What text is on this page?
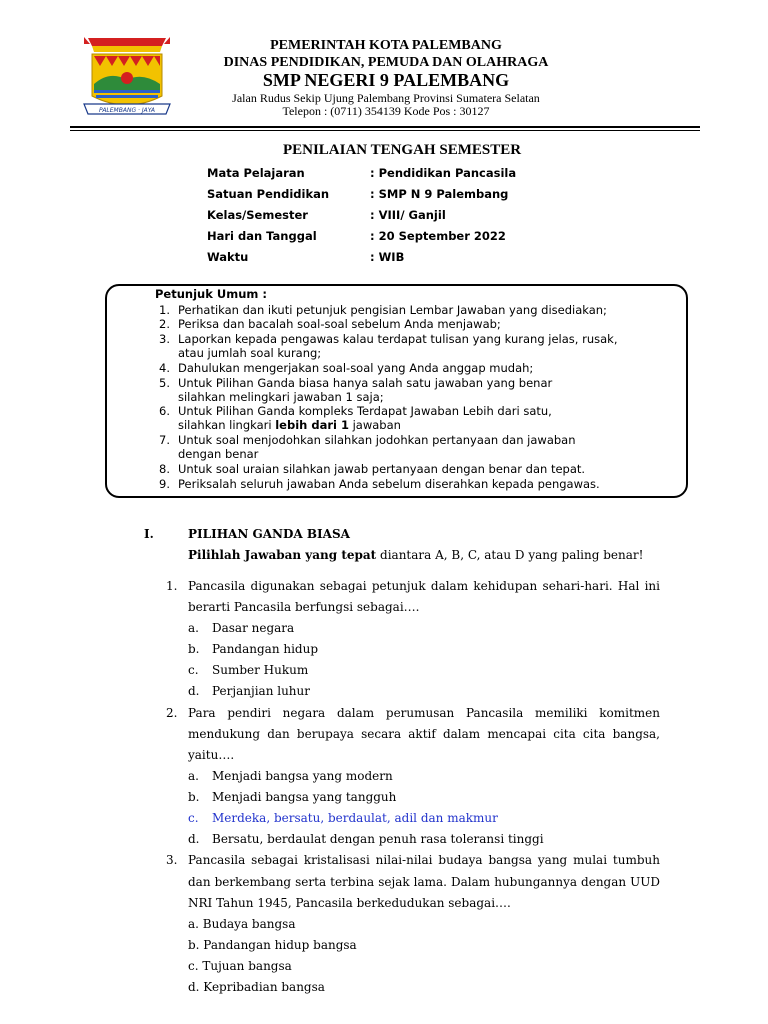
PALEMBANG · JAYA
PEMERINTAH KOTA PALEMBANG
DINAS PENDIDIKAN, PEMUDA DAN OLAHRAGA
SMP NEGERI 9 PALEMBANG
Jalan Rudus Sekip Ujung Palembang Provinsi Sumatera Selatan
Telepon : (0711) 354139 Kode Pos : 30127
PENILAIAN TENGAH SEMESTER
Mata Pelajaran	: Pendidikan Pancasila
Satuan Pendidikan	: SMP N 9 Palembang
Kelas/Semester	: VIII/ Ganjil
Hari dan Tanggal	: 20 September 2022
Waktu	: WIB
Petunjuk Umum :
1. Perhatikan dan ikuti petunjuk pengisian Lembar Jawaban yang disediakan;
2. Periksa dan bacalah soal-soal sebelum Anda menjawab;
3. Laporkan kepada pengawas kalau terdapat tulisan yang kurang jelas, rusak,
atau jumlah soal kurang;
4. Dahulukan mengerjakan soal-soal yang Anda anggap mudah;
5. Untuk Pilihan Ganda biasa hanya salah satu jawaban yang benar
silahkan melingkari jawaban 1 saja;
6. Untuk Pilihan Ganda kompleks Terdapat Jawaban Lebih dari satu,
silahkan lingkari lebih dari 1 jawaban
7. Untuk soal menjodohkan silahkan jodohkan pertanyaan dan jawaban
dengan benar
8. Untuk soal uraian silahkan jawab pertanyaan dengan benar dan tepat.
9. Periksalah seluruh jawaban Anda sebelum diserahkan kepada pengawas.
I.	PILIHAN GANDA BIASA
Pilihlah Jawaban yang tepat diantara A, B, C, atau D yang paling benar!
1. Pancasila digunakan sebagai petunjuk dalam kehidupan sehari-hari. Hal ini
berarti Pancasila berfungsi sebagai….
a. Dasar negara
b. Pandangan hidup
c. Sumber Hukum
d. Perjanjian luhur
2. Para pendiri negara dalam perumusan Pancasila memiliki komitmen
mendukung dan berupaya secara aktif dalam mencapai cita cita bangsa,
yaitu….
a. Menjadi bangsa yang modern
b. Menjadi bangsa yang tangguh
c. Merdeka, bersatu, berdaulat, adil dan makmur
d. Bersatu, berdaulat dengan penuh rasa toleransi tinggi
3. Pancasila sebagai kristalisasi nilai-nilai budaya bangsa yang mulai tumbuh
dan berkembang serta terbina sejak lama. Dalam hubungannya dengan UUD
NRI Tahun 1945, Pancasila berkedudukan sebagai….
a. Budaya bangsa
b. Pandangan hidup bangsa
c. Tujuan bangsa
d. Kepribadian bangsa
